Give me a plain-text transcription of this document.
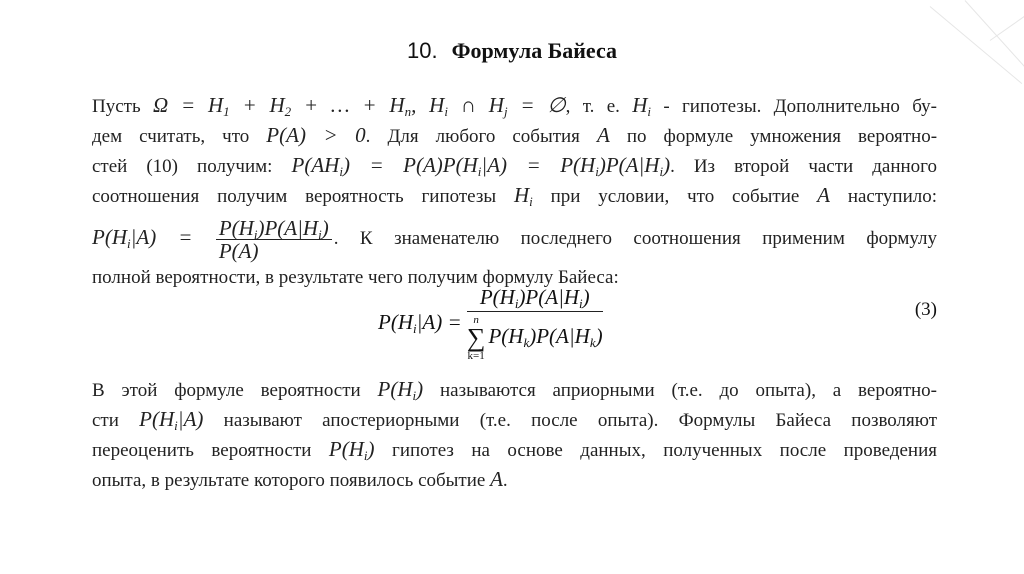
10. Формула Байеса
Пусть $\Omega = H_1 + H_2$ + … + $H_n$, $H_i$ ∩ $H_j$ = ∅, т. е. $H_i$ - гипотезы. Дополнительно бу-
дем считать, что P(A) > 0. Для любого события A по формуле умножения вероятно-
стей (10) получим: $P(AH_i) = P(A)P(H_i|A) = P(H_i)P(A|H_i)$. Из второй части данного
соотношения получим вероятность гипотезы $H_i$ при условии, что событие A наступило:
$P(H_i|A) = \frac{P(H_i)P(A|H_i)}{P(A)}$ . К знаменателю последнего соотношения применим формулу
полной вероятности, в результате чего получим формулу Байеса:
$P(H_i|A) = P(H_i)P(A|H_i)$
n
∑
k=1
$P(H_k)P(A|H_k)$	(3)
В этой формуле вероятности $P(H_i)$ называются априорными (т.е. до опыта), а вероятно-
сти $P(H_i|A)$ называют апостериорными (т.е. после опыта). Формулы Байеса позволяют
переоценить вероятности $P(H_i)$ гипотез на основе данных, полученных после проведения
опыта, в результате которого появилось событие A.
